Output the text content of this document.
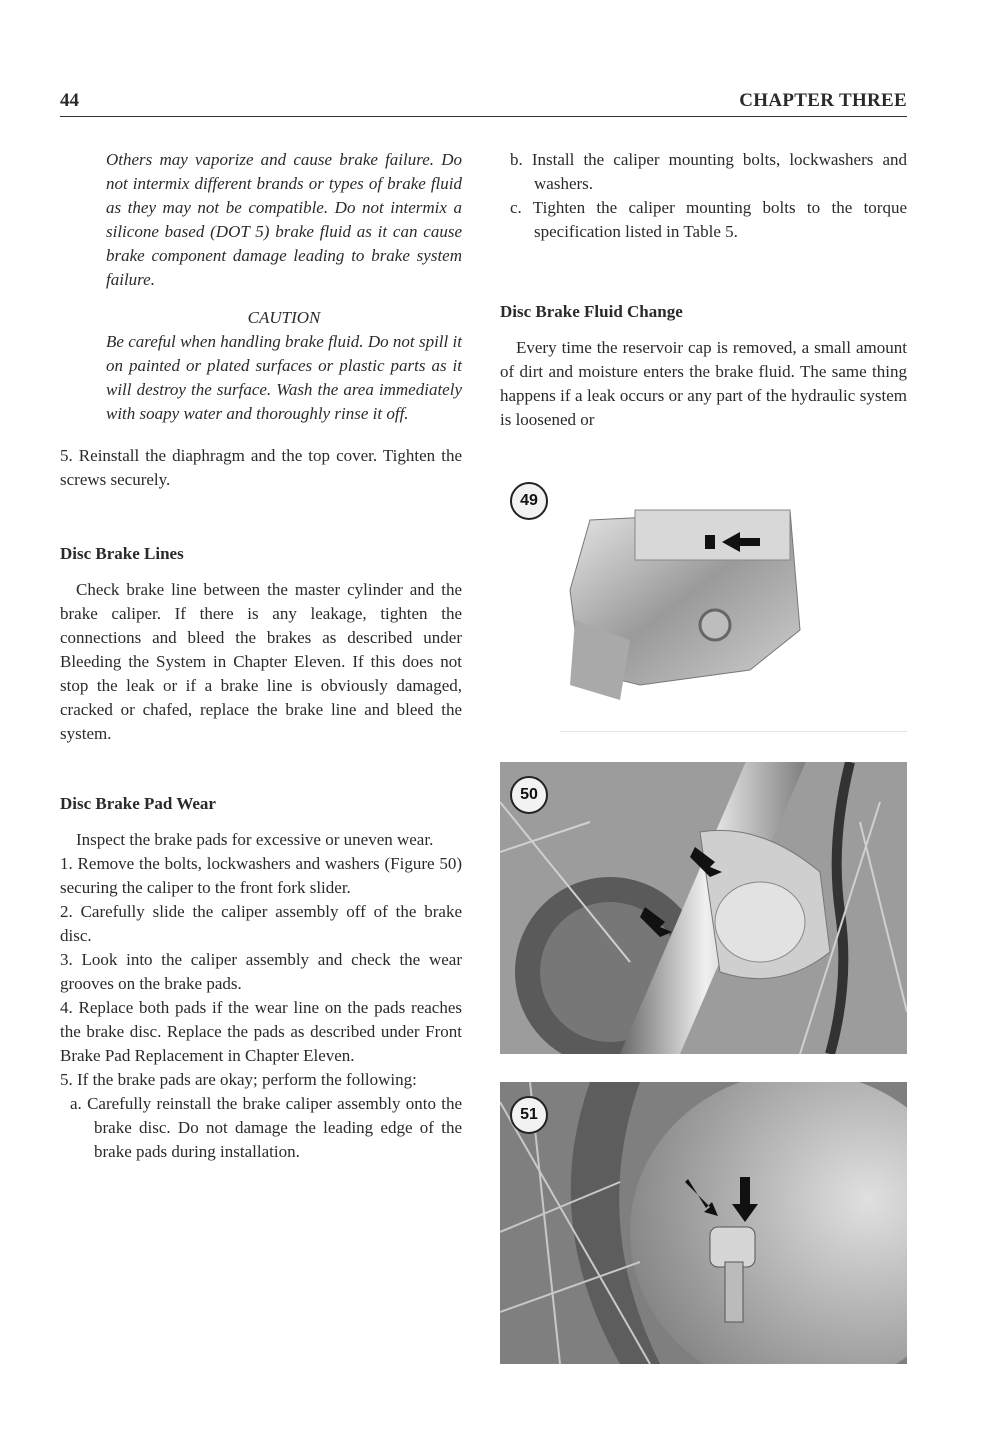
44	CHAPTER THREE

Others may vaporize and cause brake failure. Do not intermix different brands or types of brake fluid as they may not be compatible. Do not intermix a silicone based (DOT 5) brake fluid as it can cause brake component damage leading to brake system failure.

CAUTION

Be careful when handling brake fluid. Do not spill it on painted or plated surfaces or plastic parts as it will destroy the surface. Wash the area immediately with soapy water and thoroughly rinse it off.

5. Reinstall the diaphragm and the top cover. Tighten the screws securely.

Disc Brake Lines

Check brake line between the master cylinder and the brake caliper. If there is any leakage, tighten the connections and bleed the brakes as described under Bleeding the System in Chapter Eleven. If this does not stop the leak or if a brake line is obviously damaged, cracked or chafed, replace the brake line and bleed the system.

Disc Brake Pad Wear

Inspect the brake pads for excessive or uneven wear.

1. Remove the bolts, lockwashers and washers (Figure 50) securing the caliper to the front fork slider.

2. Carefully slide the caliper assembly off of the brake disc.

3. Look into the caliper assembly and check the wear grooves on the brake pads.

4. Replace both pads if the wear line on the pads reaches the brake disc. Replace the pads as described under Front Brake Pad Replacement in Chapter Eleven.

5. If the brake pads are okay; perform the following:

a. Carefully reinstall the brake caliper assembly onto the brake disc. Do not damage the leading edge of the brake pads during installation.

b. Install the caliper mounting bolts, lockwashers and washers.

c. Tighten the caliper mounting bolts to the torque specification listed in Table 5.

Disc Brake Fluid Change

Every time the reservoir cap is removed, a small amount of dirt and moisture enters the brake fluid. The same thing happens if a leak occurs or any part of the hydraulic system is loosened or

49
50
51
